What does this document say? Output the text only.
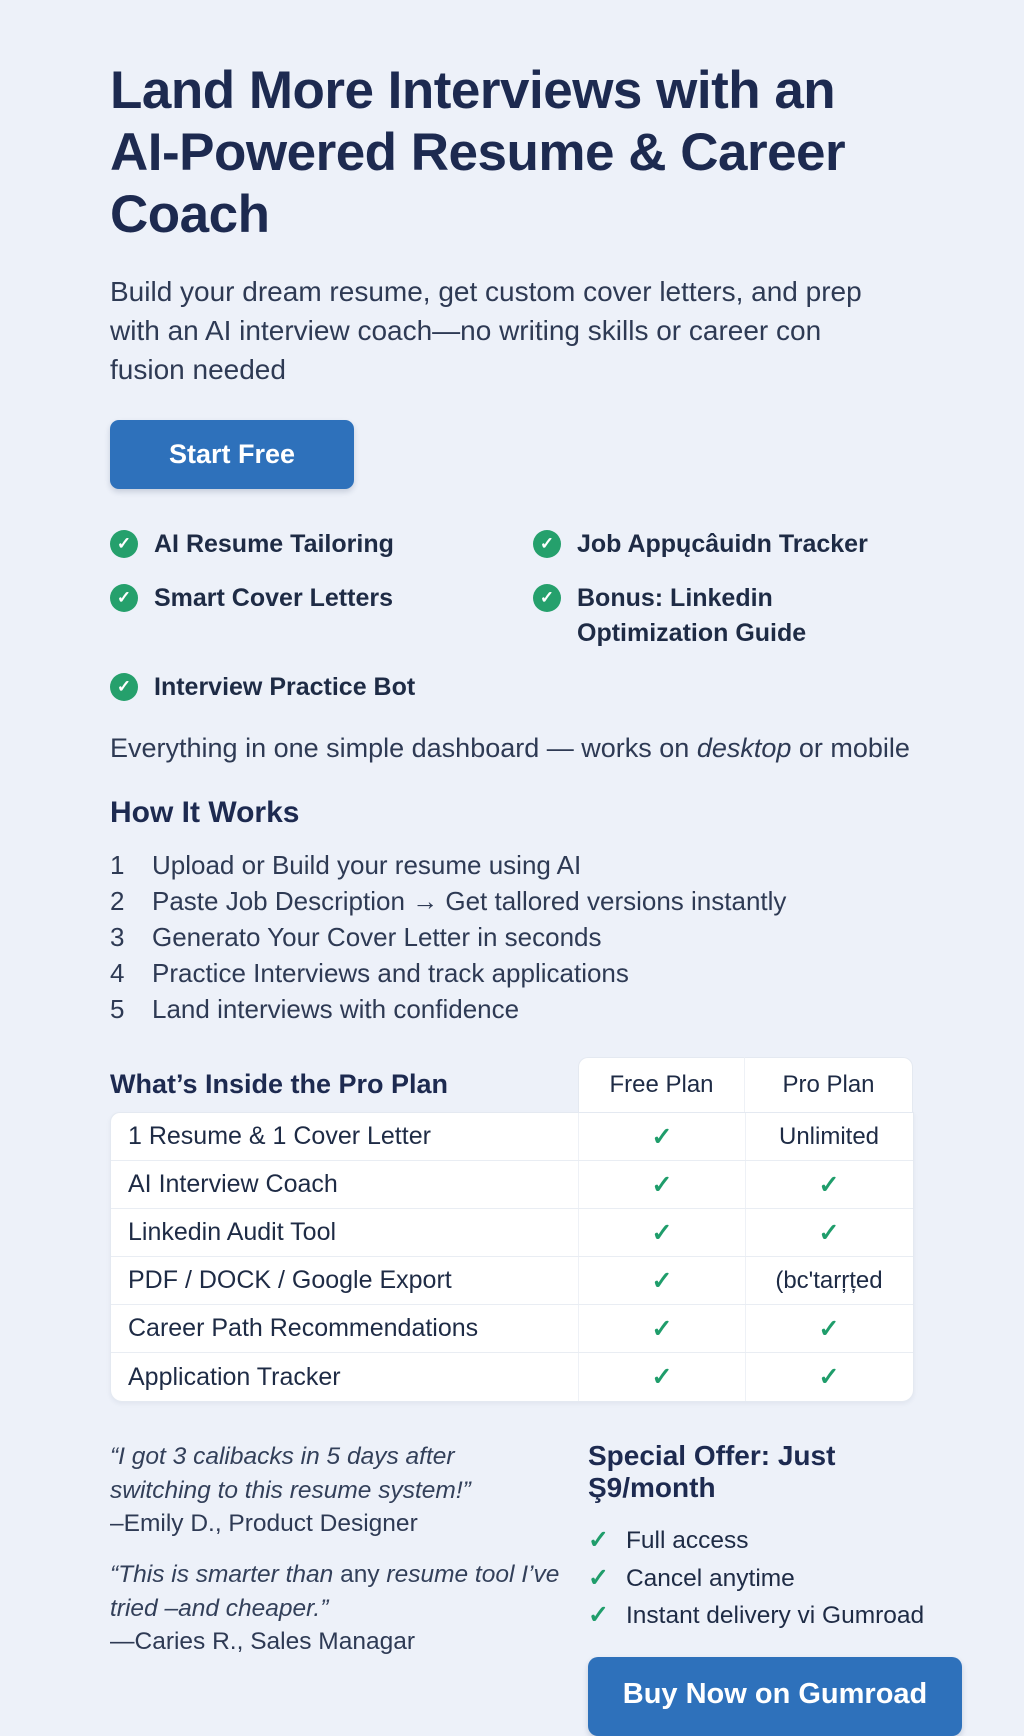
Land More Interviews with an
AI-Powered Resume & Career
Coach
Build your dream resume, get custom cover letters, and prep
with an AI interview coach—no writing skills or career con
fusion needed
Start Free
✓ AI Resume Tailoring	✓ Job Appųcâuidn Tracker
✓ Smart Cover Letters	✓ Bonus: Linkedin Optimization Guide
✓ Interview Practice Bot
Everything in one simple dashboard — works on desktop or mobile
How It Works
1	Upload or Build your resume using AI
2	Paste Job Description → Get tallored versions instantly
3	Generato Your Cover Letter in seconds
4	Practice Interviews and track applications
5	Land interviews with confidence
What’s Inside the Pro Plan	Free Plan	Pro Plan
1 Resume & 1 Cover Letter	✓	Unlimited
AI Interview Coach	✓	✓
Linkedin Audit Tool	✓	✓
PDF / DOCK / Google Export	✓	(bc'tarŗțed
Career Path Recommendations	✓	✓
Application Tracker	✓	✓
“I got 3 calibacks in 5 days after switching to this resume system!”
–Emily D., Product Designer
“This is smarter than any resume tool I’ve tried –and cheaper.”
—Caries R., Sales Managar
Special Offer: Just Ş9/month
✓ Full access
✓ Cancel anytime
✓ Instant delivery vi Gumroad
Buy Now on Gumroad
